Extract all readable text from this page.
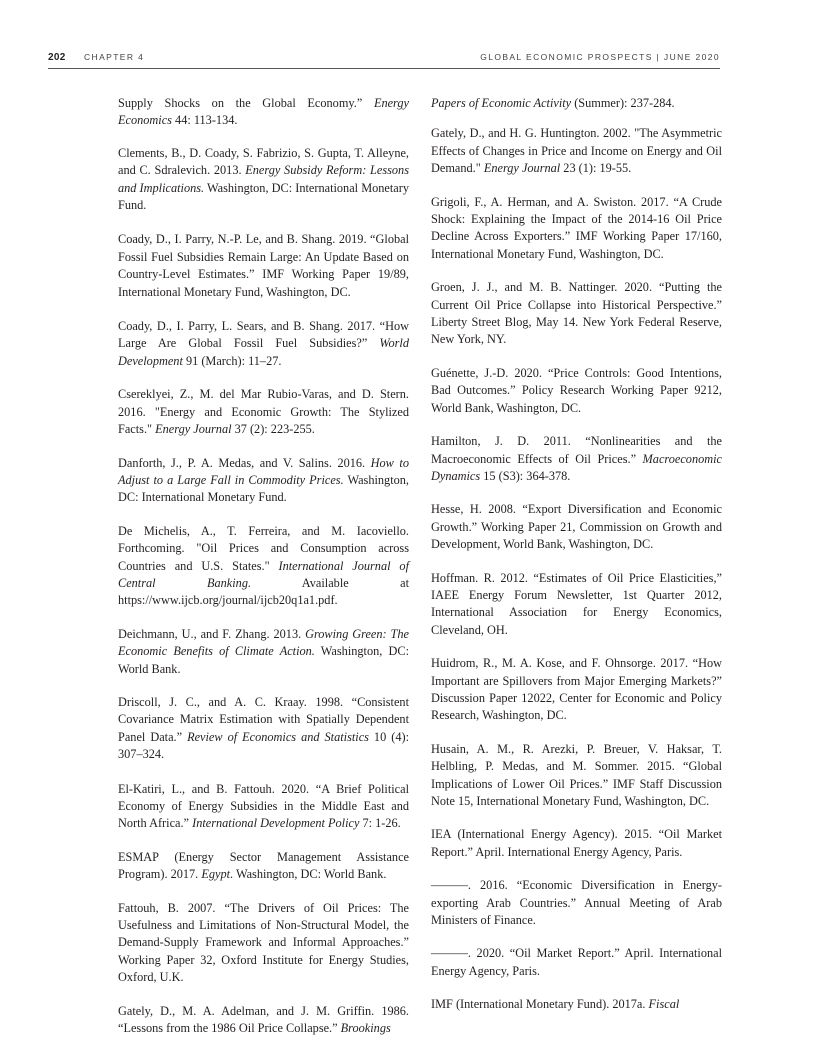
202 CHAPTER 4	GLOBAL ECONOMIC PROSPECTS | JUNE 2020

Supply Shocks on the Global Economy.” Energy Economics 44: 113-134.

Clements, B., D. Coady, S. Fabrizio, S. Gupta, T. Alleyne, and C. Sdralevich. 2013. Energy Subsidy Reform: Lessons and Implications. Washington, DC: International Monetary Fund.

Coady, D., I. Parry, N.-P. Le, and B. Shang. 2019. “Global Fossil Fuel Subsidies Remain Large: An Update Based on Country-Level Estimates.” IMF Working Paper 19/89, International Monetary Fund, Washington, DC.

Coady, D., I. Parry, L. Sears, and B. Shang. 2017. “How Large Are Global Fossil Fuel Subsidies?” World Development 91 (March): 11–27.

Csereklyei, Z., M. del Mar Rubio-Varas, and D. Stern. 2016. "Energy and Economic Growth: The Stylized Facts." Energy Journal 37 (2): 223-255.

Danforth, J., P. A. Medas, and V. Salins. 2016. How to Adjust to a Large Fall in Commodity Prices. Washington, DC: International Monetary Fund.

De Michelis, A., T. Ferreira, and M. Iacoviello. Forthcoming. "Oil Prices and Consumption across Countries and U.S. States." International Journal of Central Banking. Available at https://www.ijcb.org/journal/ijcb20q1a1.pdf.

Deichmann, U., and F. Zhang. 2013. Growing Green: The Economic Benefits of Climate Action. Washington, DC: World Bank.

Driscoll, J. C., and A. C. Kraay. 1998. “Consistent Covariance Matrix Estimation with Spatially Dependent Panel Data.” Review of Economics and Statistics 10 (4): 307–324.

El-Katiri, L., and B. Fattouh. 2020. “A Brief Political Economy of Energy Subsidies in the Middle East and North Africa.” International Development Policy 7: 1-26.

ESMAP (Energy Sector Management Assistance Program). 2017. Egypt. Washington, DC: World Bank.

Fattouh, B. 2007. “The Drivers of Oil Prices: The Usefulness and Limitations of Non-Structural Model, the Demand-Supply Framework and Informal Approaches.” Working Paper 32, Oxford Institute for Energy Studies, Oxford, U.K.

Gately, D., M. A. Adelman, and J. M. Griffin. 1986. “Lessons from the 1986 Oil Price Collapse.” Brookings

Papers of Economic Activity (Summer): 237-284.

Gately, D., and H. G. Huntington. 2002. "The Asymmetric Effects of Changes in Price and Income on Energy and Oil Demand." Energy Journal 23 (1): 19-55.

Grigoli, F., A. Herman, and A. Swiston. 2017. “A Crude Shock: Explaining the Impact of the 2014-16 Oil Price Decline Across Exporters.” IMF Working Paper 17/160, International Monetary Fund, Washington, DC.

Groen, J. J., and M. B. Nattinger. 2020. “Putting the Current Oil Price Collapse into Historical Perspective.” Liberty Street Blog, May 14. New York Federal Reserve, New York, NY.

Guénette, J.-D. 2020. “Price Controls: Good Intentions, Bad Outcomes.” Policy Research Working Paper 9212, World Bank, Washington, DC.

Hamilton, J. D. 2011. “Nonlinearities and the Macroeconomic Effects of Oil Prices.” Macroeconomic Dynamics 15 (S3): 364-378.

Hesse, H. 2008. “Export Diversification and Economic Growth.” Working Paper 21, Commission on Growth and Development, World Bank, Washington, DC.

Hoffman. R. 2012. “Estimates of Oil Price Elasticities,” IAEE Energy Forum Newsletter, 1st Quarter 2012, International Association for Energy Economics, Cleveland, OH.

Huidrom, R., M. A. Kose, and F. Ohnsorge. 2017. “How Important are Spillovers from Major Emerging Markets?” Discussion Paper 12022, Center for Economic and Policy Research, Washington, DC.

Husain, A. M., R. Arezki, P. Breuer, V. Haksar, T. Helbling, P. Medas, and M. Sommer. 2015. “Global Implications of Lower Oil Prices.” IMF Staff Discussion Note 15, International Monetary Fund, Washington, DC.

IEA (International Energy Agency). 2015. “Oil Market Report.” April. International Energy Agency, Paris.

———. 2016. “Economic Diversification in Energy-exporting Arab Countries.” Annual Meeting of Arab Ministers of Finance.

———. 2020. “Oil Market Report.” April. International Energy Agency, Paris.

IMF (International Monetary Fund). 2017a. Fiscal
